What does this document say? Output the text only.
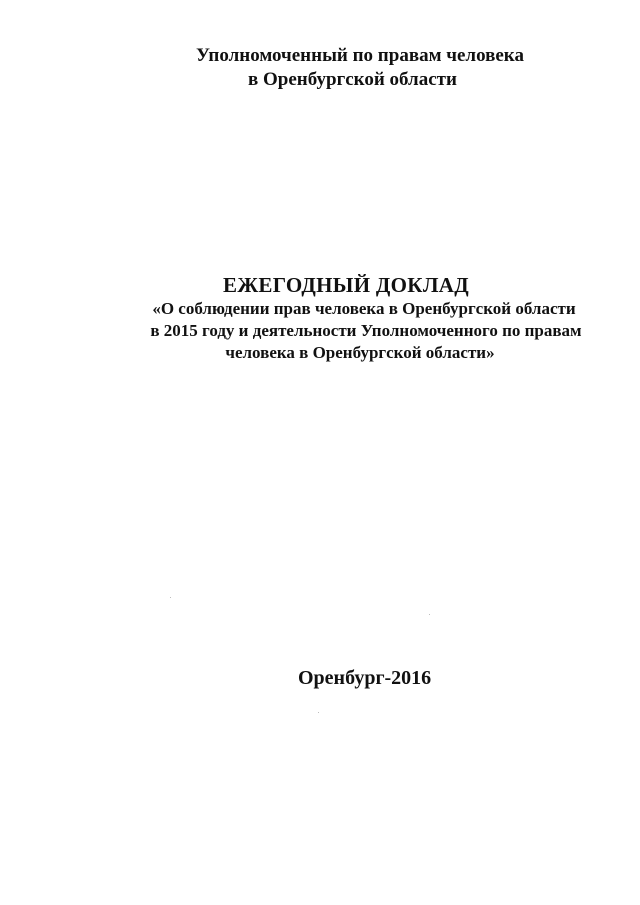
Уполномоченный по правам человека
в Оренбургской области
ЕЖЕГОДНЫЙ ДОКЛАД
«О соблюдении прав человека в Оренбургской области
в 2015 году и деятельности Уполномоченного по правам
человека в Оренбургской области»
Оренбург-2016
